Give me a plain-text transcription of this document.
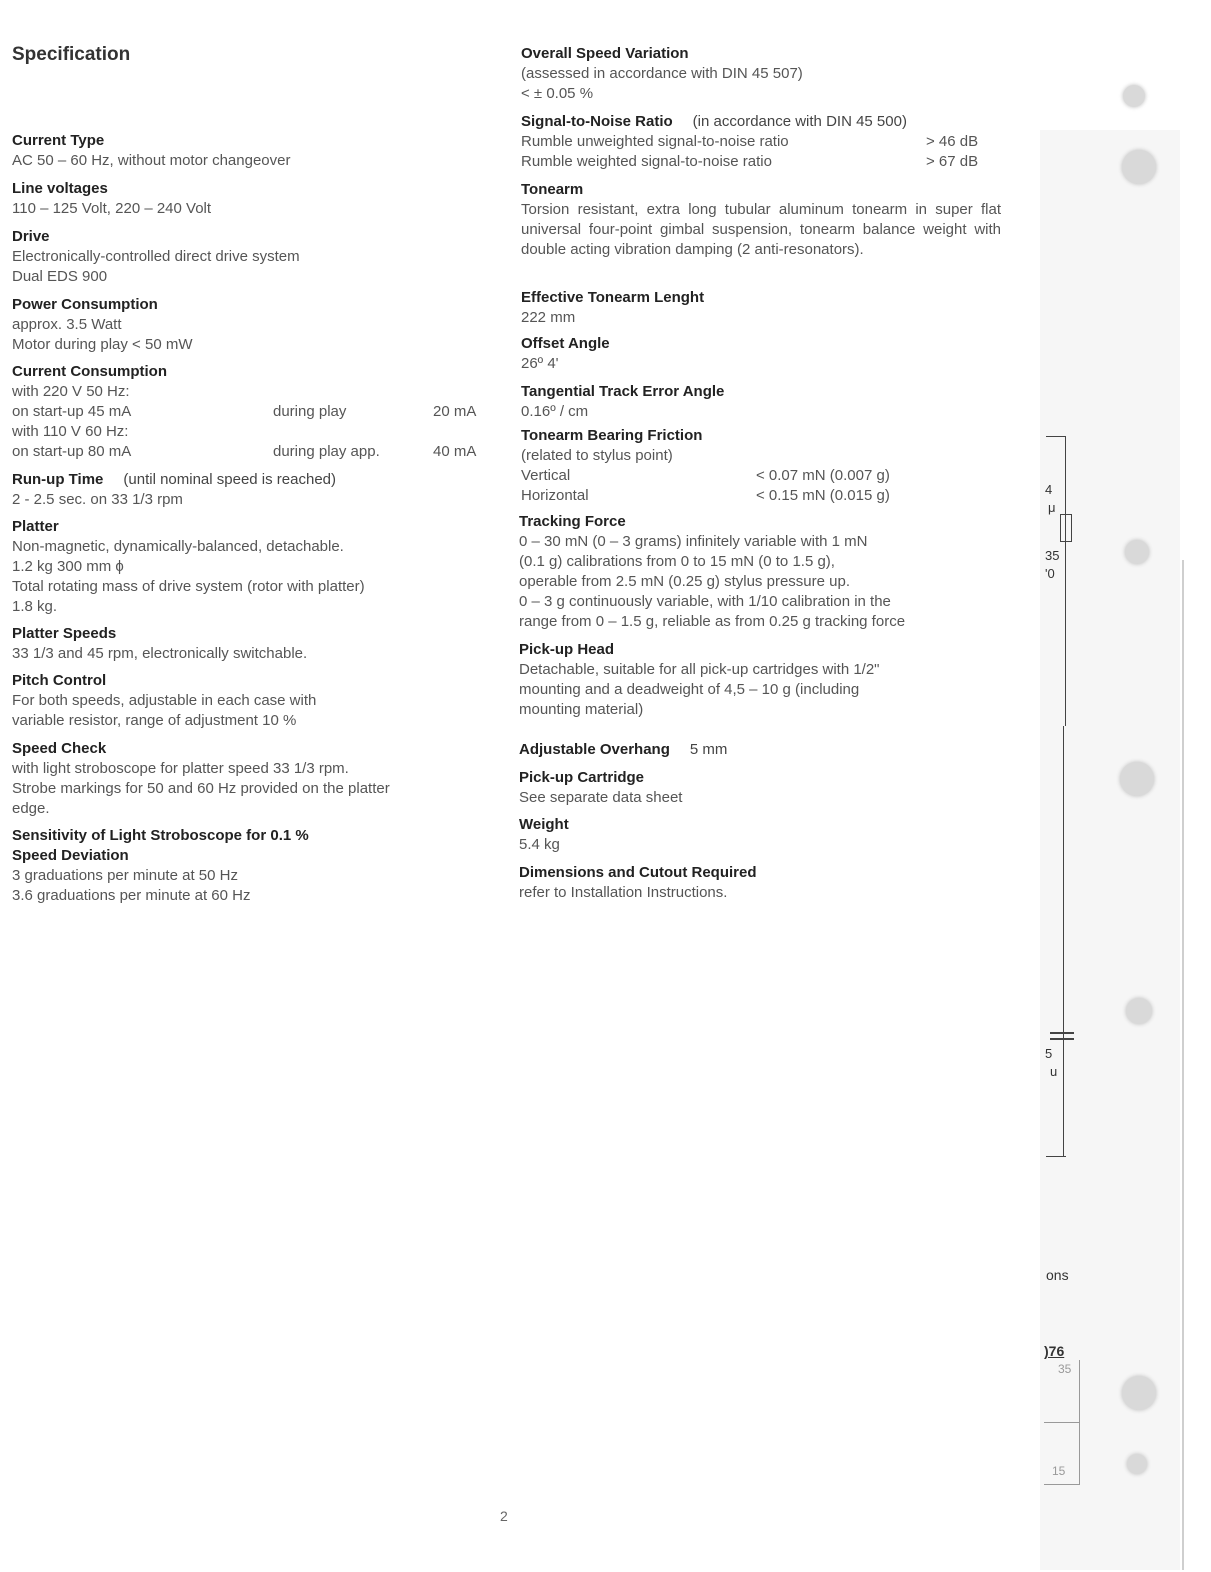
Specification
Current Type
AC 50 – 60 Hz, without motor changeover
Line voltages
110 – 125 Volt, 220 – 240 Volt
Drive
Electronically-controlled direct drive system
Dual EDS 900
Power Consumption
approx. 3.5 Watt
Motor during play < 50 mW
Current Consumption
with 220 V 50 Hz:
on start-up 45 mA	during play	20 mA
with 110 V 60 Hz:
on start-up 80 mA	during play app.	40 mA
Run-up Time (until nominal speed is reached)
2 - 2.5 sec. on 33 1/3 rpm
Platter
Non-magnetic, dynamically-balanced, detachable.
1.2 kg 300 mm ϕ
Total rotating mass of drive system (rotor with platter)
1.8 kg.
Platter Speeds
33 1/3 and 45 rpm, electronically switchable.
Pitch Control
For both speeds, adjustable in each case with
variable resistor, range of adjustment 10 %
Speed Check
with light stroboscope for platter speed 33 1/3 rpm.
Strobe markings for 50 and 60 Hz provided on the platter
edge.
Sensitivity of Light Stroboscope for 0.1 %
Speed Deviation
3 graduations per minute at 50 Hz
3.6 graduations per minute at 60 Hz
Overall Speed Variation
(assessed in accordance with DIN 45 507)
< ± 0.05 %
Signal-to-Noise Ratio (in accordance with DIN 45 500)
Rumble unweighted signal-to-noise ratio	> 46 dB
Rumble weighted signal-to-noise ratio	> 67 dB
Tonearm
Torsion resistant, extra long tubular aluminum tonearm in super flat universal four-point gimbal suspension, tonearm balance weight with double acting vibration damping (2 anti-resonators).
Effective Tonearm Lenght
222 mm
Offset Angle
26º 4'
Tangential Track Error Angle
0.16º / cm
Tonearm Bearing Friction
(related to stylus point)
Vertical	< 0.07 mN (0.007 g)
Horizontal	< 0.15 mN (0.015 g)
Tracking Force
0 – 30 mN (0 – 3 grams) infinitely variable with 1 mN
(0.1 g) calibrations from 0 to 15 mN (0 to 1.5 g),
operable from 2.5 mN (0.25 g) stylus pressure up.
0 – 3 g continuously variable, with 1/10 calibration in the
range from 0 – 1.5 g, reliable as from 0.25 g tracking force
Pick-up Head
Detachable, suitable for all pick-up cartridges with 1/2"
mounting and a deadweight of 4,5 – 10 g (including
mounting material)
Adjustable Overhang 5 mm
Pick-up Cartridge
See separate data sheet
Weight
5.4 kg
Dimensions and Cutout Required
refer to Installation Instructions.
2
4
μ
35
'0
5
u
ons
)76
35
15
